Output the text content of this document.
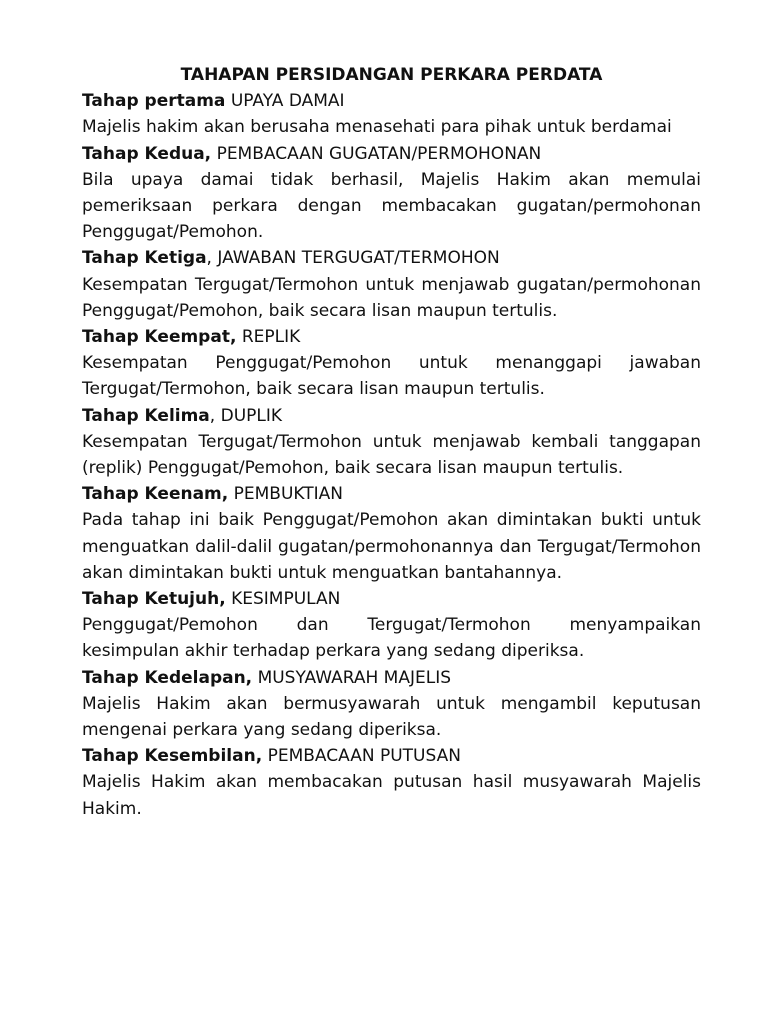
TAHAPAN PERSIDANGAN PERKARA PERDATA

Tahap pertama UPAYA DAMAI

Majelis hakim akan berusaha menasehati para pihak untuk berdamai

Tahap Kedua, PEMBACAAN GUGATAN/PERMOHONAN

Bila upaya damai tidak berhasil, Majelis Hakim akan memulai pemeriksaan perkara dengan membacakan gugatan/permohonan Penggugat/Pemohon.

Tahap Ketiga, JAWABAN TERGUGAT/TERMOHON

Kesempatan Tergugat/Termohon untuk menjawab gugatan/permohonan Penggugat/Pemohon, baik secara lisan maupun tertulis.

Tahap Keempat, REPLIK

Kesempatan Penggugat/Pemohon untuk menanggapi jawaban Tergugat/Termohon, baik secara lisan maupun tertulis.

Tahap Kelima, DUPLIK

Kesempatan Tergugat/Termohon untuk menjawab kembali tanggapan (replik) Penggugat/Pemohon, baik secara lisan maupun tertulis.

Tahap Keenam, PEMBUKTIAN

Pada tahap ini baik Penggugat/Pemohon akan dimintakan bukti untuk menguatkan dalil-dalil gugatan/permohonannya dan Tergugat/Termohon akan dimintakan bukti untuk menguatkan bantahannya.

Tahap Ketujuh, KESIMPULAN

Penggugat/Pemohon dan Tergugat/Termohon menyampaikan kesimpulan akhir terhadap perkara yang sedang diperiksa.

Tahap Kedelapan, MUSYAWARAH MAJELIS

Majelis Hakim akan bermusyawarah untuk mengambil keputusan mengenai perkara yang sedang diperiksa.

Tahap Kesembilan, PEMBACAAN PUTUSAN

Majelis Hakim akan membacakan putusan hasil musyawarah Majelis Hakim.
